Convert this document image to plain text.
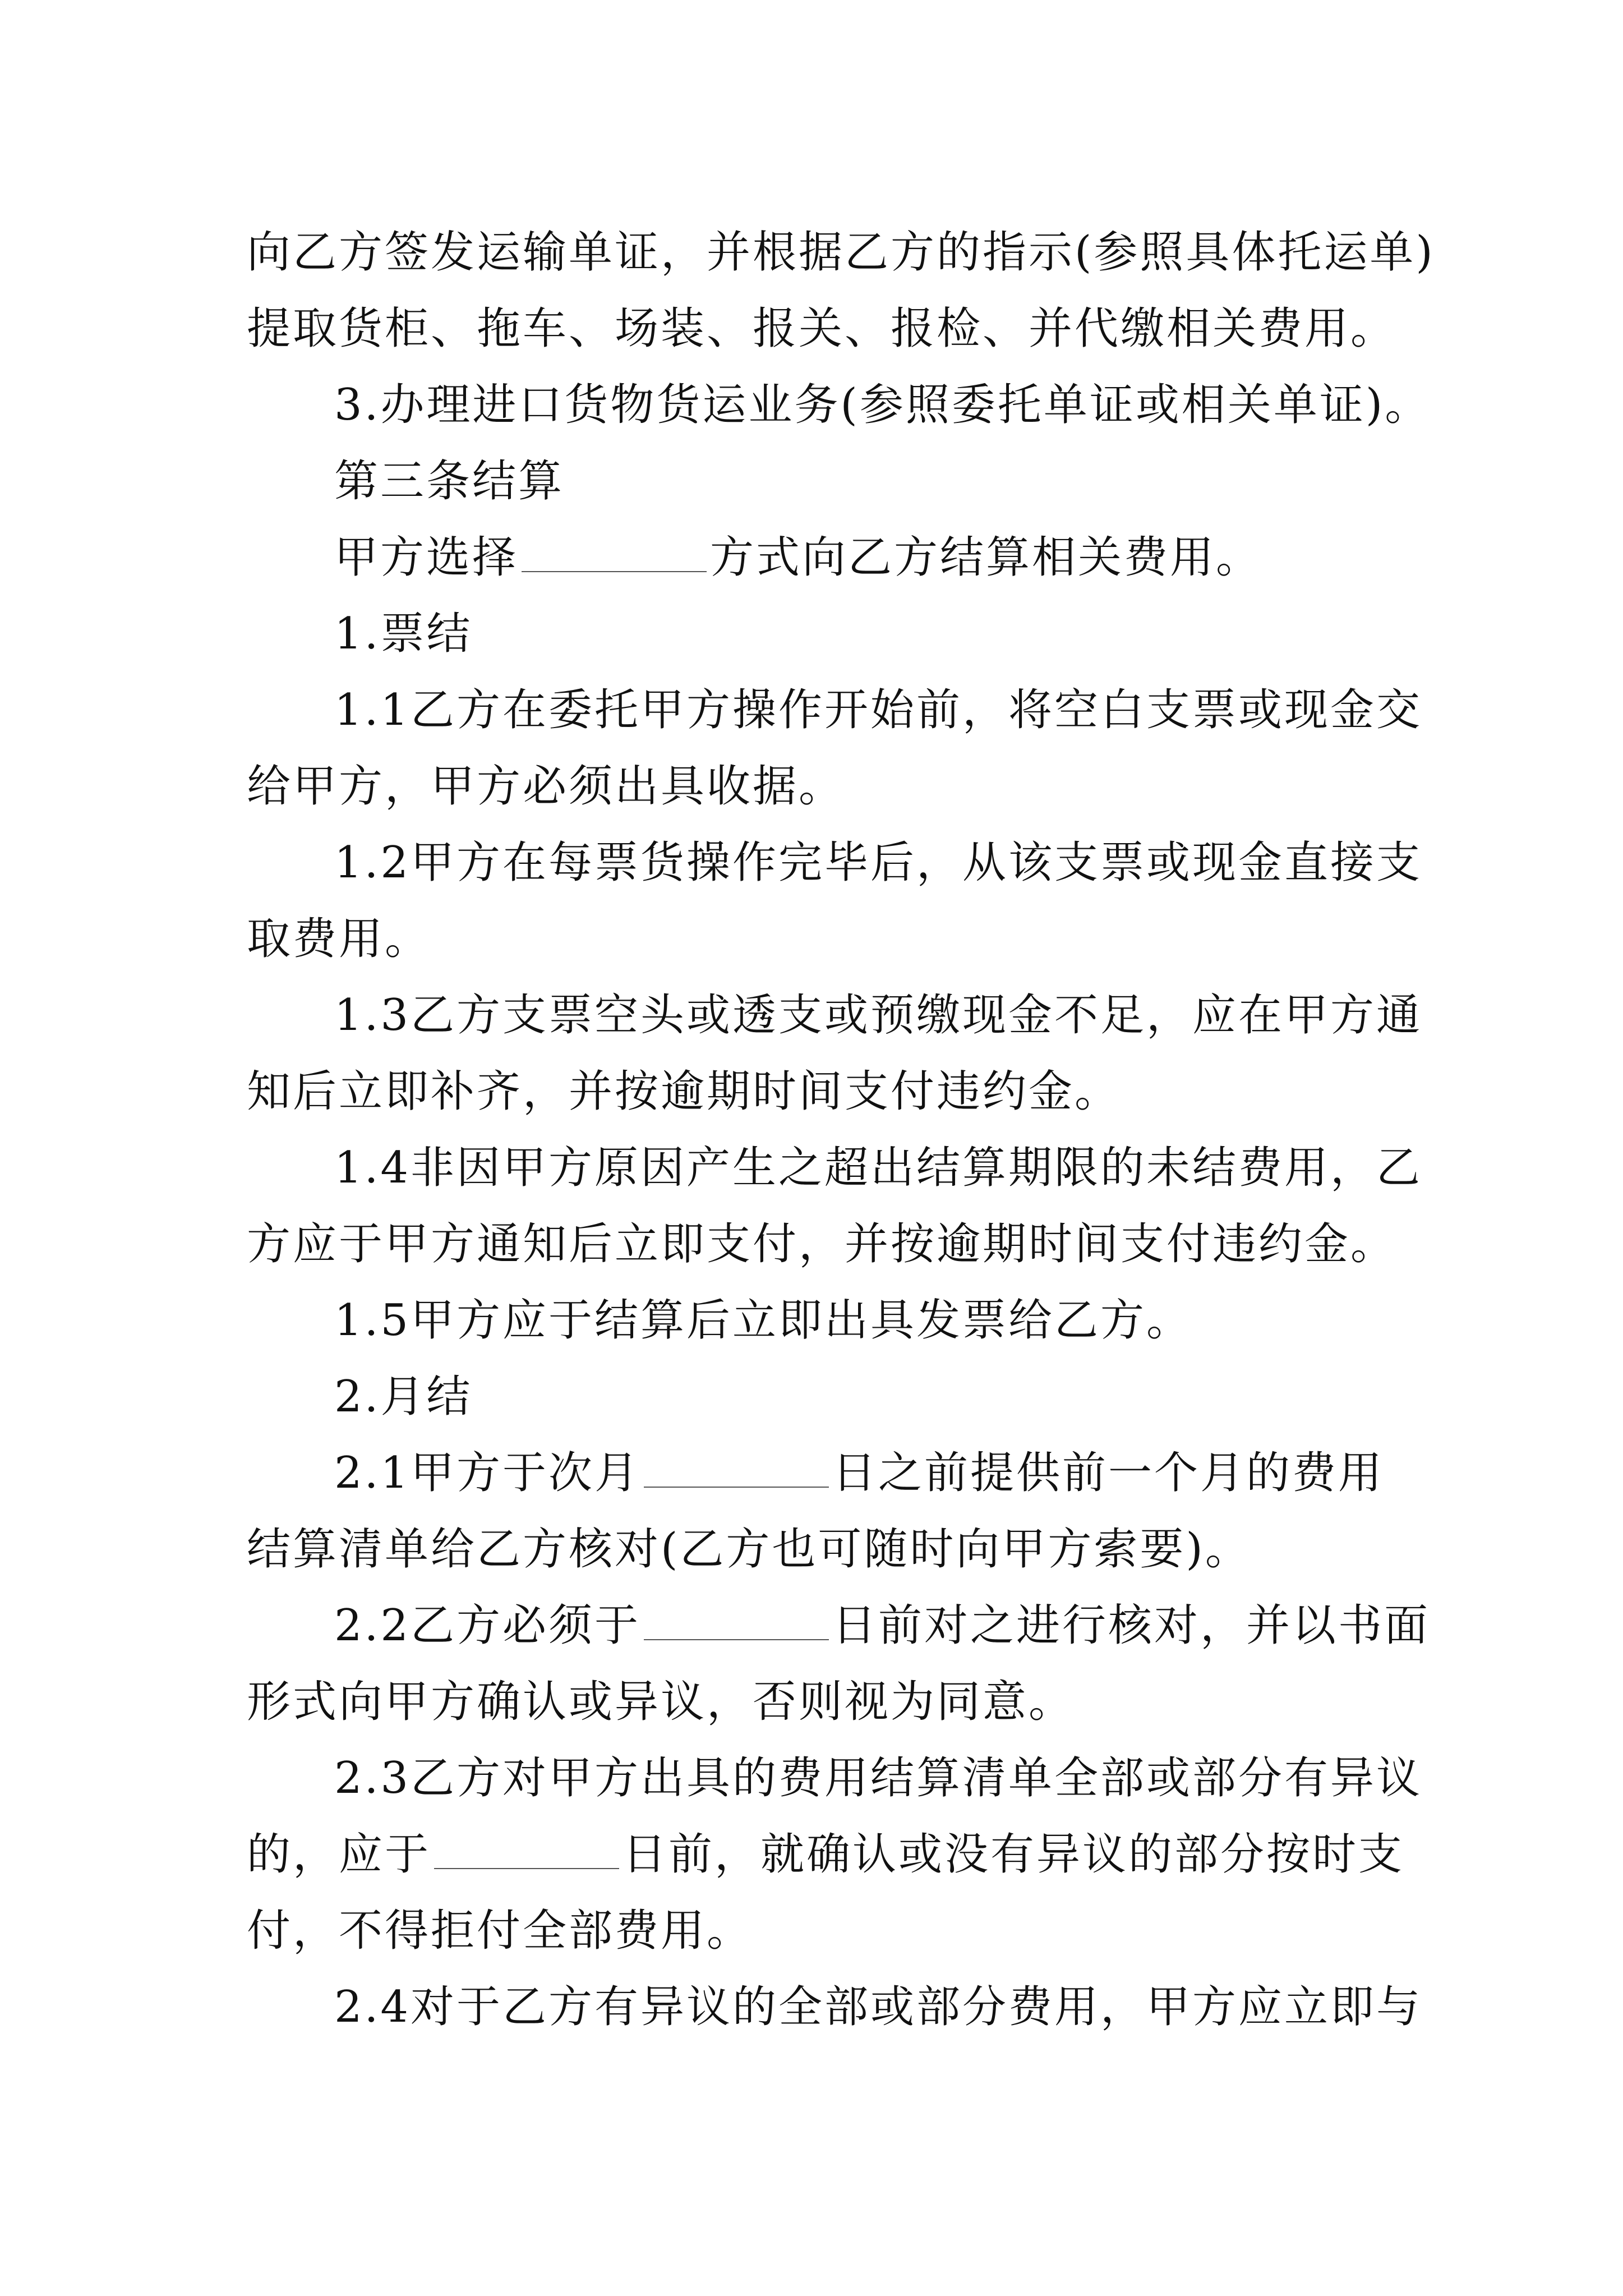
向乙方签发运输单证，并根据乙方的指示(参照具体托运单)

提取货柜、拖车、场装、报关、报检、并代缴相关费用。

3.办理进口货物货运业务(参照委托单证或相关单证)。

第三条结算

甲方选择	方式向乙方结算相关费用。

1.票结

1.1乙方在委托甲方操作开始前，将空白支票或现金交

给甲方，甲方必须出具收据。

1.2甲方在每票货操作完毕后，从该支票或现金直接支

取费用。

1.3乙方支票空头或透支或预缴现金不足，应在甲方通

知后立即补齐，并按逾期时间支付违约金。

1.4非因甲方原因产生之超出结算期限的未结费用，乙

方应于甲方通知后立即支付，并按逾期时间支付违约金。

1.5甲方应于结算后立即出具发票给乙方。

2.月结

2.1甲方于次月	日之前提供前一个月的费用

结算清单给乙方核对(乙方也可随时向甲方索要)。

2.2乙方必须于	日前对之进行核对，并以书面

形式向甲方确认或异议，否则视为同意。

2.3乙方对甲方出具的费用结算清单全部或部分有异议

的，应于	日前，就确认或没有异议的部分按时支

付，不得拒付全部费用。

2.4对于乙方有异议的全部或部分费用，甲方应立即与
